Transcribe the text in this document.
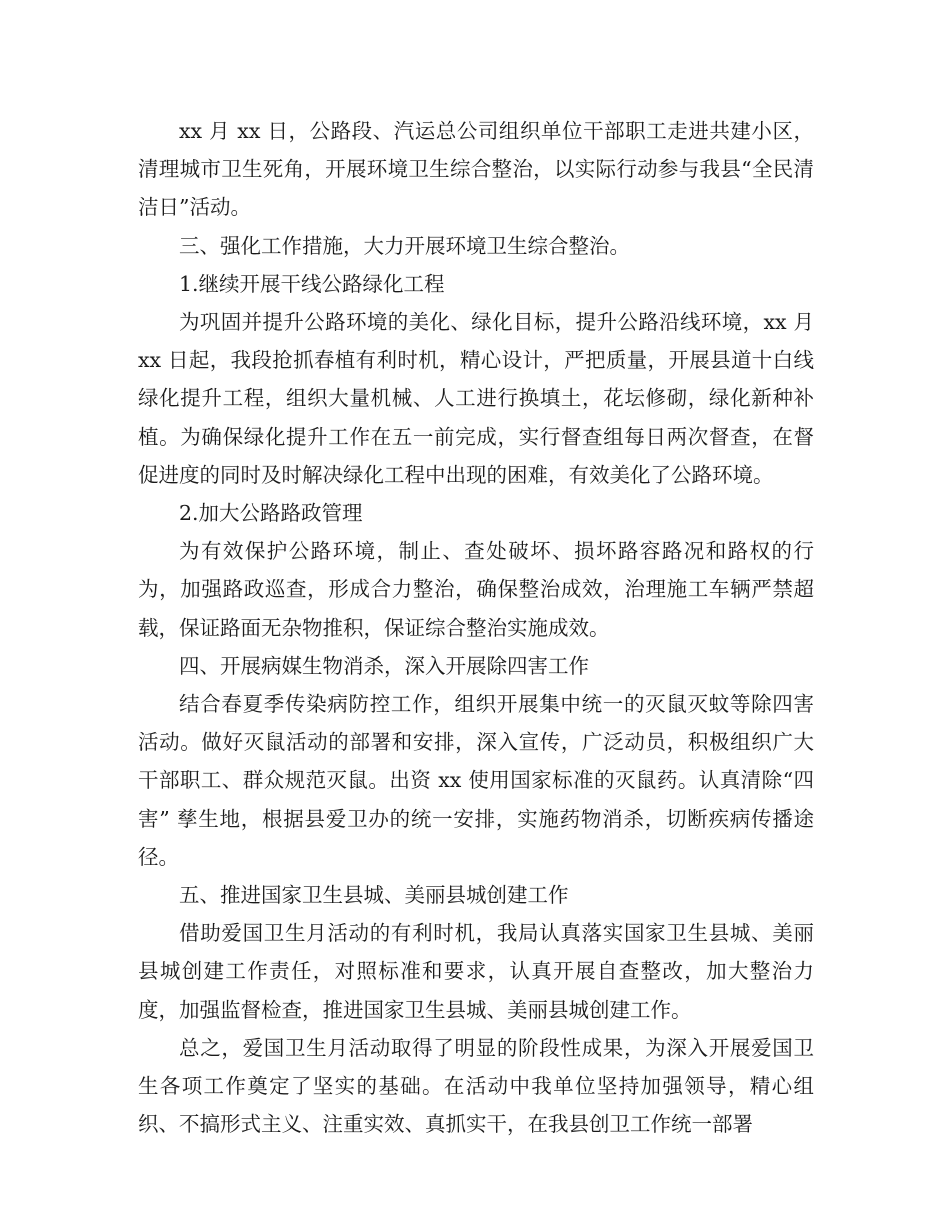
xx 月 xx 日，公路段、汽运总公司组织单位干部职工走进共建小区，清理城市卫生死角，开展环境卫生综合整治，以实际行动参与我县“全民清洁日”活动。

三、强化工作措施，大力开展环境卫生综合整治。

1.继续开展干线公路绿化工程

为巩固并提升公路环境的美化、绿化目标，提升公路沿线环境，xx 月 xx 日起，我段抢抓春植有利时机，精心设计，严把质量，开展县道十白线绿化提升工程，组织大量机械、人工进行换填土，花坛修砌，绿化新种补植。为确保绿化提升工作在五一前完成，实行督查组每日两次督查，在督促进度的同时及时解决绿化工程中出现的困难，有效美化了公路环境。

2.加大公路路政管理

为有效保护公路环境，制止、查处破坏、损坏路容路况和路权的行为，加强路政巡查，形成合力整治，确保整治成效，治理施工车辆严禁超载，保证路面无杂物推积，保证综合整治实施成效。

四、开展病媒生物消杀，深入开展除四害工作

结合春夏季传染病防控工作，组织开展集中统一的灭鼠灭蚊等除四害活动。做好灭鼠活动的部署和安排，深入宣传，广泛动员，积极组织广大干部职工、群众规范灭鼠。出资 xx 使用国家标准的灭鼠药。认真清除“四害” 孳生地，根据县爱卫办的统一安排，实施药物消杀，切断疾病传播途径。

五、推进国家卫生县城、美丽县城创建工作

借助爱国卫生月活动的有利时机，我局认真落实国家卫生县城、美丽县城创建工作责任，对照标准和要求，认真开展自查整改，加大整治力度，加强监督检查，推进国家卫生县城、美丽县城创建工作。

总之，爱国卫生月活动取得了明显的阶段性成果，为深入开展爱国卫生各项工作奠定了坚实的基础。在活动中我单位坚持加强领导，精心组织、不搞形式主义、注重实效、真抓实干，在我县创卫工作统一部署
